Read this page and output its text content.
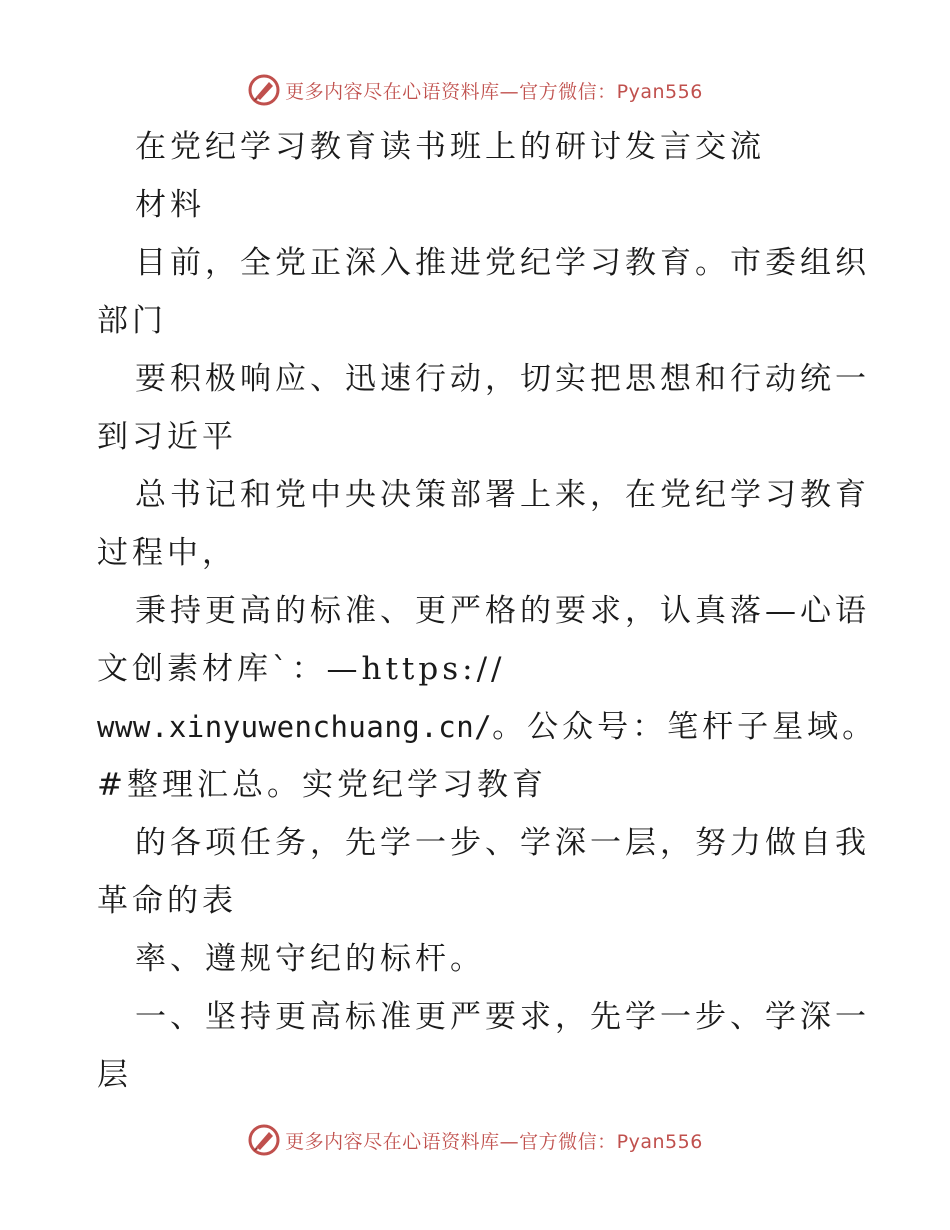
更多内容尽在心语资料库—官方微信：Pyan556
在党纪学习教育读书班上的研讨发言交流
材料
目前，全党正深入推进党纪学习教育。市委组织
部门
要积极响应、迅速行动，切实把思想和行动统一
到习近平
总书记和党中央决策部署上来，在党纪学习教育
过程中，
秉持更高的标准、更严格的要求，认真落—心语
文创素材库`：—https://
www.xinyuwenchuang.cn/。公众号：笔杆子星域。
#整理汇总。实党纪学习教育
的各项任务，先学一步、学深一层，努力做自我
革命的表
率、遵规守纪的标杆。
一、坚持更高标准更严要求，先学一步、学深一
层
更多内容尽在心语资料库—官方微信：Pyan556
